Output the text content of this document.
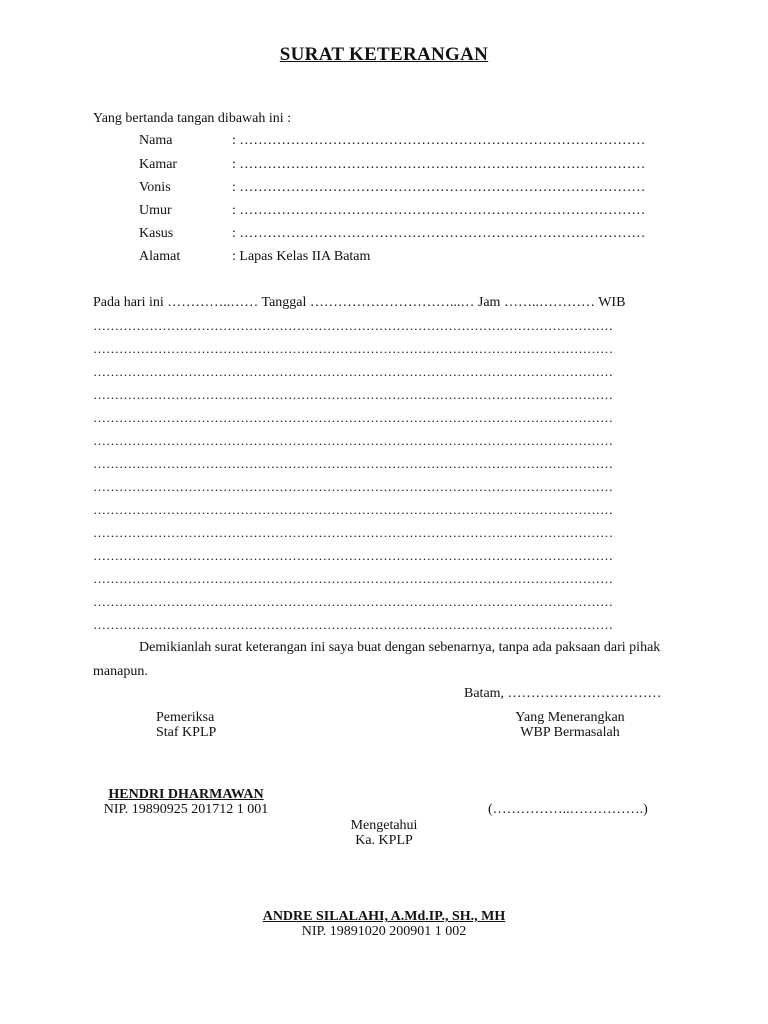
SURAT KETERANGAN
Yang bertanda tangan dibawah ini :
Nama	: ……………………………………………………………………………
Kamar	: ……………………………………………………………………………
Vonis	: ……………………………………………………………………………
Umur	: ……………………………………………………………………………
Kasus	: ……………………………………………………………………………
Alamat	: Lapas Kelas IIA Batam
Pada hari ini …………..…… Tanggal …………………………...… Jam ……..………… WIB
…………………………………………………………………………………………………………
…………………………………………………………………………………………………………
…………………………………………………………………………………………………………
…………………………………………………………………………………………………………
…………………………………………………………………………………………………………
…………………………………………………………………………………………………………
…………………………………………………………………………………………………………
…………………………………………………………………………………………………………
…………………………………………………………………………………………………………
…………………………………………………………………………………………………………
…………………………………………………………………………………………………………
…………………………………………………………………………………………………………
…………………………………………………………………………………………………………
…………………………………………………………………………………………………………
Demikianlah surat keterangan ini saya buat dengan sebenarnya, tanpa ada paksaan dari pihak
manapun.
Batam, ……………………………
Pemeriksa
Staf KPLP
HENDRI DHARMAWAN
NIP. 19890925 201712 1 001
Yang Menerangkan
WBP Bermasalah
(……………..…………….)
Mengetahui
Ka. KPLP
ANDRE SILALAHI, A.Md.IP., SH., MH
NIP. 19891020 200901 1 002
